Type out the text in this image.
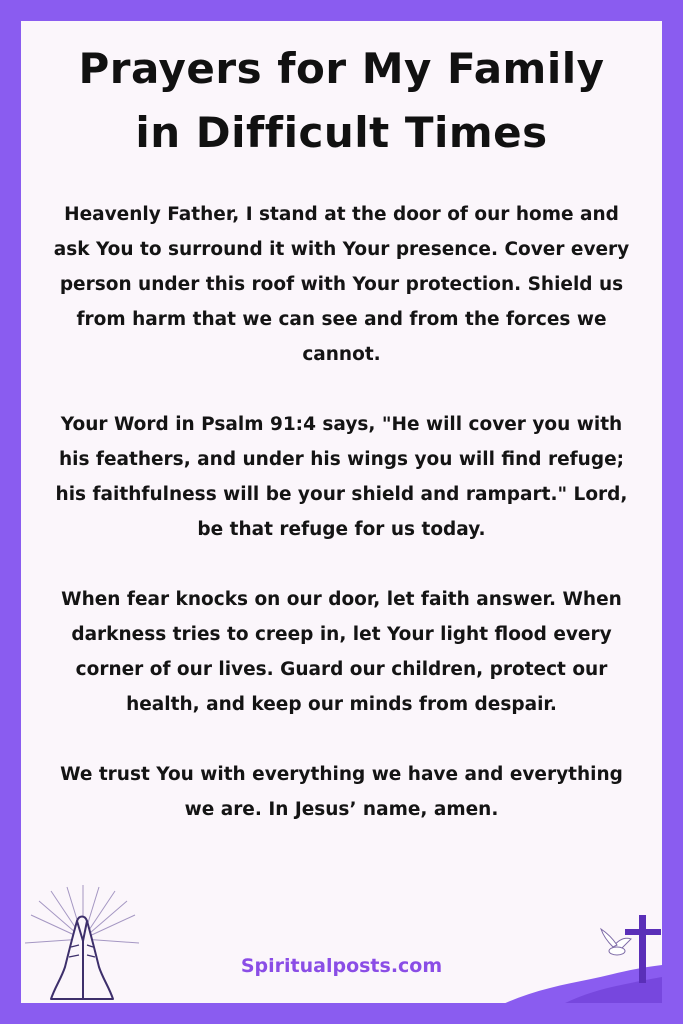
Prayers for My Family
in Difficult Times

Heavenly Father, I stand at the door of our home and ask You to surround it with Your presence. Cover every person under this roof with Your protection. Shield us from harm that we can see and from the forces we cannot.

Your Word in Psalm 91:4 says, "He will cover you with his feathers, and under his wings you will find refuge; his faithfulness will be your shield and rampart." Lord, be that refuge for us today.

When fear knocks on our door, let faith answer. When darkness tries to creep in, let Your light flood every corner of our lives. Guard our children, protect our health, and keep our minds from despair.

We trust You with everything we have and everything we are. In Jesus’ name, amen.

Spiritualposts.com
